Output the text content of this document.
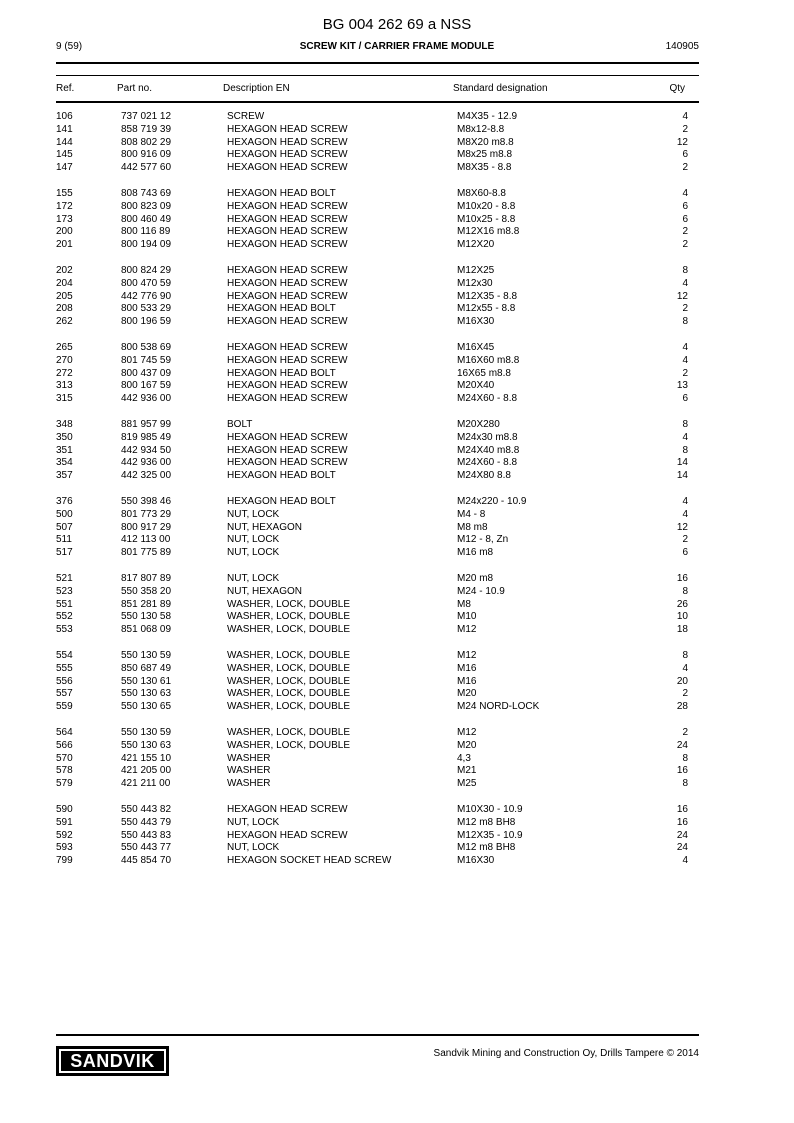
BG 004 262 69 a NSS
9 (59)	SCREW KIT / CARRIER FRAME MODULE	140905
Ref.	Part no.	Description EN	Standard designation	Qty
106	737 021 12	SCREW	M4X35 - 12.9	4
141	858 719 39	HEXAGON HEAD SCREW	M8x12-8.8	2
144	808 802 29	HEXAGON HEAD SCREW	M8X20 m8.8	12
145	800 916 09	HEXAGON HEAD SCREW	M8x25 m8.8	6
147	442 577 60	HEXAGON HEAD SCREW	M8X35 - 8.8	2
155	808 743 69	HEXAGON HEAD BOLT	M8X60-8.8	4
172	800 823 09	HEXAGON HEAD SCREW	M10x20 - 8.8	6
173	800 460 49	HEXAGON HEAD SCREW	M10x25 - 8.8	6
200	800 116 89	HEXAGON HEAD SCREW	M12X16 m8.8	2
201	800 194 09	HEXAGON HEAD SCREW	M12X20	2
202	800 824 29	HEXAGON HEAD SCREW	M12X25	8
204	800 470 59	HEXAGON HEAD SCREW	M12x30	4
205	442 776 90	HEXAGON HEAD SCREW	M12X35 - 8.8	12
208	800 533 29	HEXAGON HEAD BOLT	M12x55 - 8.8	2
262	800 196 59	HEXAGON HEAD SCREW	M16X30	8
265	800 538 69	HEXAGON HEAD SCREW	M16X45	4
270	801 745 59	HEXAGON HEAD SCREW	M16X60 m8.8	4
272	800 437 09	HEXAGON HEAD BOLT	16X65 m8.8	2
313	800 167 59	HEXAGON HEAD SCREW	M20X40	13
315	442 936 00	HEXAGON HEAD SCREW	M24X60 - 8.8	6
348	881 957 99	BOLT	M20X280	8
350	819 985 49	HEXAGON HEAD SCREW	M24x30 m8.8	4
351	442 934 50	HEXAGON HEAD SCREW	M24X40 m8.8	8
354	442 936 00	HEXAGON HEAD SCREW	M24X60 - 8.8	14
357	442 325 00	HEXAGON HEAD BOLT	M24X80 8.8	14
376	550 398 46	HEXAGON HEAD BOLT	M24x220 - 10.9	4
500	801 773 29	NUT, LOCK	M4 - 8	4
507	800 917 29	NUT, HEXAGON	M8 m8	12
511	412 113 00	NUT, LOCK	M12 - 8, Zn	2
517	801 775 89	NUT, LOCK	M16 m8	6
521	817 807 89	NUT, LOCK	M20 m8	16
523	550 358 20	NUT, HEXAGON	M24 - 10.9	8
551	851 281 89	WASHER, LOCK, DOUBLE	M8	26
552	550 130 58	WASHER, LOCK, DOUBLE	M10	10
553	851 068 09	WASHER, LOCK, DOUBLE	M12	18
554	550 130 59	WASHER, LOCK, DOUBLE	M12	8
555	850 687 49	WASHER, LOCK, DOUBLE	M16	4
556	550 130 61	WASHER, LOCK, DOUBLE	M16	20
557	550 130 63	WASHER, LOCK, DOUBLE	M20	2
559	550 130 65	WASHER, LOCK, DOUBLE	M24 NORD-LOCK	28
564	550 130 59	WASHER, LOCK, DOUBLE	M12	2
566	550 130 63	WASHER, LOCK, DOUBLE	M20	24
570	421 155 10	WASHER	4,3	8
578	421 205 00	WASHER	M21	16
579	421 211 00	WASHER	M25	8
590	550 443 82	HEXAGON HEAD SCREW	M10X30 - 10.9	16
591	550 443 79	NUT, LOCK	M12 m8 BH8	16
592	550 443 83	HEXAGON HEAD SCREW	M12X35 - 10.9	24
593	550 443 77	NUT, LOCK	M12 m8 BH8	24
799	445 854 70	HEXAGON SOCKET HEAD SCREW	M16X30	4
SANDVIK	Sandvik Mining and Construction Oy, Drills Tampere © 2014
